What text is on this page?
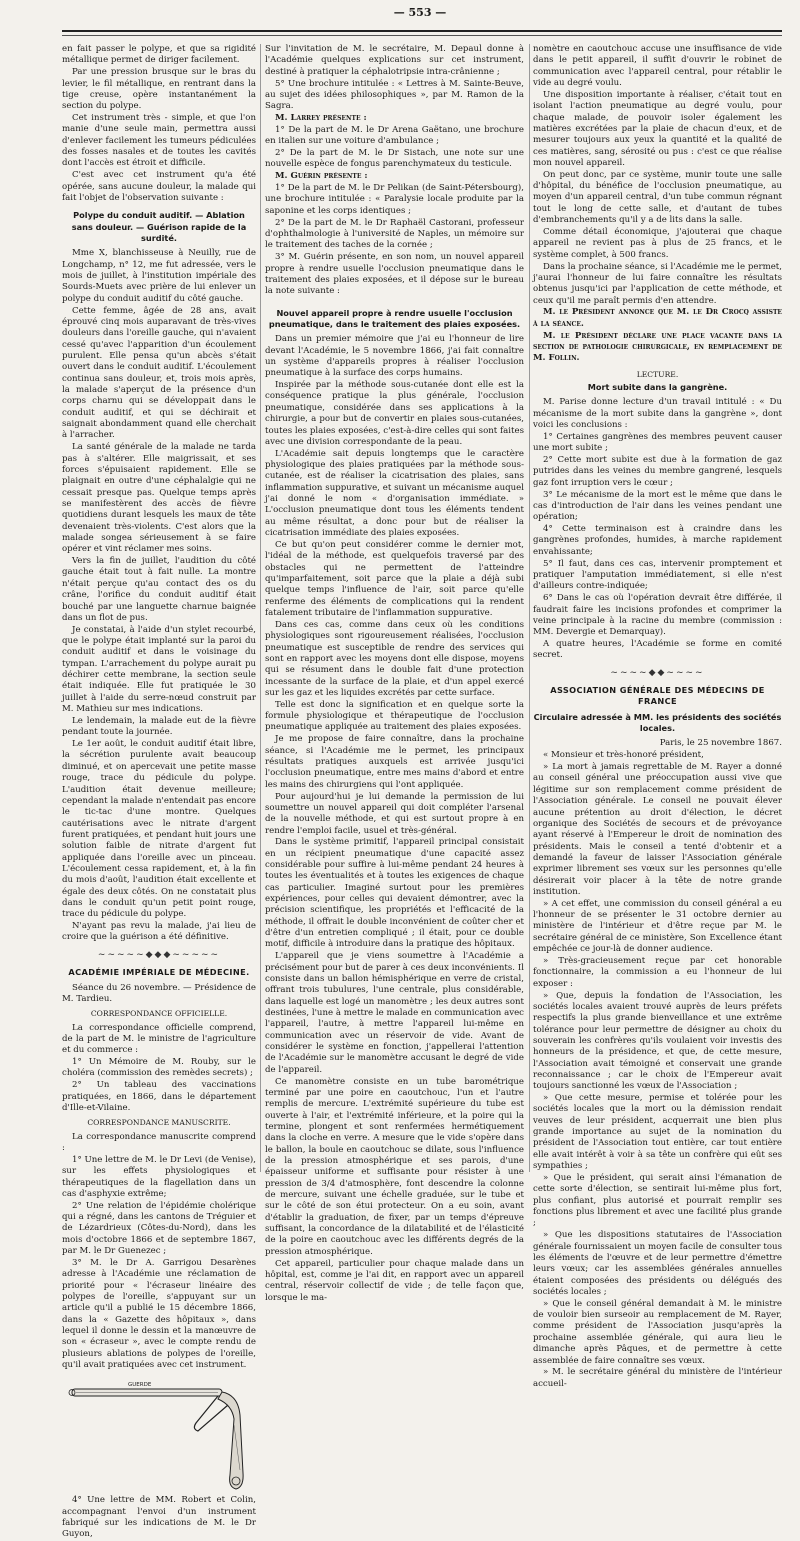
— 553 —

en fait passer le polype, et que sa rigidité métallique permet de diriger facilement.

Par une pression brusque sur le bras du levier, le fil métallique, en rentrant dans la tige creuse, opère instantanément la section du polype.

Cet instrument très - simple, et que l'on manie d'une seule main, permettra aussi d'enlever facilement les tumeurs pédiculées des fosses nasales et de toutes les cavités dont l'accès est étroit et difficile.

C'est avec cet instrument qu'a été opérée, sans aucune douleur, la malade qui fait l'objet de l'observation suivante :

Polype du conduit auditif. — Ablation sans douleur. — Guérison rapide de la surdité.

Mme X, blanchisseuse à Neuilly, rue de Longchamp, n° 12, me fut adressée, vers le mois de juillet, à l'institution impériale des Sourds-Muets avec prière de lui enlever un polype du conduit auditif du côté gauche.

Cette femme, âgée de 28 ans, avait éprouvé cinq mois auparavant de très-vives douleurs dans l'oreille gauche, qui n'avaient cessé qu'avec l'apparition d'un écoulement purulent. Elle pensa qu'un abcès s'était ouvert dans le conduit auditif. L'écoulement continua sans douleur, et, trois mois après, la malade s'aperçut de la présence d'un corps charnu qui se développait dans le conduit auditif, et qui se déchirait et saignait abondamment quand elle cherchait à l'arracher.

La santé générale de la malade ne tarda pas à s'altérer. Elle maigrissait, et ses forces s'épuisaient rapidement. Elle se plaignait en outre d'une céphalalgie qui ne cessait presque pas. Quelque temps après se manifestèrent des accès de fièvre quotidiens durant lesquels les maux de tête devenaient très-violents. C'est alors que la malade songea sérieusement à se faire opérer et vint réclamer mes soins.

Vers la fin de juillet, l'audition du côté gauche était tout à fait nulle. La montre n'était perçue qu'au contact des os du crâne, l'orifice du conduit auditif était bouché par une languette charnue baignée dans un flot de pus.

Je constatai, à l'aide d'un stylet recourbé, que le polype était implanté sur la paroi du conduit auditif et dans le voisinage du tympan. L'arrachement du polype aurait pu déchirer cette membrane, la section seule était indiquée. Elle fut pratiquée le 30 juillet à l'aide du serre-nœud construit par M. Mathieu sur mes indications.

Le lendemain, la malade eut de la fièvre pendant toute la journée.

Le 1er août, le conduit auditif était libre, la sécrétion purulente avait beaucoup diminué, et on apercevait une petite masse rouge, trace du pédicule du polype. L'audition était devenue meilleure; cependant la malade n'entendait pas encore le tic-tac d'une montre. Quelques cautérisations avec le nitrate d'argent furent pratiquées, et pendant huit jours une solution faible de nitrate d'argent fut appliquée dans l'oreille avec un pinceau. L'écoulement cessa rapidement, et, à la fin du mois d'août, l'audition était excellente et égale des deux côtés. On ne constatait plus dans le conduit qu'un petit point rouge, trace du pédicule du polype.

N'ayant pas revu la malade, j'ai lieu de croire que la guérison a été définitive.

~~~~~◆◆◆~~~~~
ACADÉMIE IMPÉRIALE DE MÉDECINE.

Séance du 26 novembre. — Présidence de M. Tardieu.

CORRESPONDANCE OFFICIELLE.

La correspondance officielle comprend, de la part de M. le ministre de l'agriculture et du commerce :

1° Un Mémoire de M. Rouby, sur le choléra (commission des remèdes secrets) ;

2° Un tableau des vaccinations pratiquées, en 1866, dans le département d'Ille-et-Vilaine.

CORRESPONDANCE MANUSCRITE.

La correspondance manuscrite comprend :

1° Une lettre de M. le Dr Levi (de Venise), sur les effets physiologiques et thérapeutiques de la flagellation dans un cas d'asphyxie extrême;

2° Une relation de l'épidémie cholérique qui a régné, dans les cantons de Tréguier et de Lézardrieux (Côtes-du-Nord), dans les mois d'octobre 1866 et de septembre 1867, par M. le Dr Guenezec ;

3° M. le Dr A. Garrigou Desarènes adresse à l'Académie une réclamation de priorité pour « l'écraseur linéaire des polypes de l'oreille, s'appuyant sur un article qu'il a publié le 15 décembre 1866, dans la « Gazette des hôpitaux », dans lequel il donne le dessin et la manœuvre de son « écraseur », avec le compte rendu de plusieurs ablations de polypes de l'oreille, qu'il avait pratiquées avec cet instrument.

GUERDE

4° Une lettre de MM. Robert et Colin, accompagnant l'envoi d'un instrument fabriqué sur les indications de M. le Dr Guyon,

Sur l'invitation de M. le secrétaire, M. Depaul donne à l'Académie quelques explications sur cet instrument, destiné à pratiquer la céphalotripsie intra-crânienne ;

5° Une brochure intitulée : « Lettres à M. Sainte-Beuve, au sujet des idées philosophiques », par M. Ramon de la Sagra.

M. Larrey présente :

1° De la part de M. le Dr Arena Gaëtano, une brochure en italien sur une voiture d'ambulance ;

2° De la part de M. le Dr Sistach, une note sur une nouvelle espèce de fongus parenchymateux du testicule.

M. Guérin présente :

1° De la part de M. le Dr Pelikan (de Saint-Pétersbourg), une brochure intitulée : « Paralysie locale produite par la saponine et les corps identiques ;

2° De la part de M. le Dr Raphaël Castorani, professeur d'ophthalmologie à l'université de Naples, un mémoire sur le traitement des taches de la cornée ;

3° M. Guérin présente, en son nom, un nouvel appareil propre à rendre usuelle l'occlusion pneumatique dans le traitement des plaies exposées, et il dépose sur le bureau la note suivante :

Nouvel appareil propre à rendre usuelle l'occlusion pneumatique, dans le traitement des plaies exposées.

Dans un premier mémoire que j'ai eu l'honneur de lire devant l'Académie, le 5 novembre 1866, j'ai fait connaître un système d'appareils propres à réaliser l'occlusion pneumatique à la surface des corps humains.

Inspirée par la méthode sous-cutanée dont elle est la conséquence pratique la plus générale, l'occlusion pneumatique, considérée dans ses applications à la chirurgie, a pour but de convertir en plaies sous-cutanées, toutes les plaies exposées, c'est-à-dire celles qui sont faites avec une division correspondante de la peau.

L'Académie sait depuis longtemps que le caractère physiologique des plaies pratiquées par la méthode sous-cutanée, est de réaliser la cicatrisation des plaies, sans inflammation suppurative, et suivant un mécanisme auquel j'ai donné le nom « d'organisation immédiate. » L'occlusion pneumatique dont tous les éléments tendent au même résultat, a donc pour but de réaliser la cicatrisation immédiate des plaies exposées.

Ce but qu'on peut considérer comme le dernier mot, l'idéal de la méthode, est quelquefois traversé par des obstacles qui ne permettent de l'atteindre qu'imparfaitement, soit parce que la plaie a déjà subi quelque temps l'influence de l'air, soit parce qu'elle renferme des éléments de complications qui la rendent fatalement tributaire de l'inflammation suppurative.

Dans ces cas, comme dans ceux où les conditions physiologiques sont rigoureusement réalisées, l'occlusion pneumatique est susceptible de rendre des services qui sont en rapport avec les moyens dont elle dispose, moyens qui se résument dans le double fait d'une protection incessante de la surface de la plaie, et d'un appel exercé sur les gaz et les liquides excrétés par cette surface.

Telle est donc la signification et en quelque sorte la formule physiologique et thérapeutique de l'occlusion pneumatique appliquée au traitement des plaies exposées.

Je me propose de faire connaître, dans la prochaine séance, si l'Académie me le permet, les principaux résultats pratiques auxquels est arrivée jusqu'ici l'occlusion pneumatique, entre mes mains d'abord et entre les mains des chirurgiens qui l'ont appliquée.

Pour aujourd'hui je lui demande la permission de lui soumettre un nouvel appareil qui doit compléter l'arsenal de la nouvelle méthode, et qui est surtout propre à en rendre l'emploi facile, usuel et très-général.

Dans le système primitif, l'appareil principal consistait en un récipient pneumatique d'une capacité assez considérable pour suffire à lui-même pendant 24 heures à toutes les éventualités et à toutes les exigences de chaque cas particulier. Imaginé surtout pour les premières expériences, pour celles qui devaient démontrer, avec la précision scientifique, les propriétés et l'efficacité de la méthode, il offrait le double inconvénient de coûter cher et d'être d'un entretien compliqué ; il était, pour ce double motif, difficile à introduire dans la pratique des hôpitaux.

L'appareil que je viens soumettre à l'Académie a précisément pour but de parer à ces deux inconvénients. Il consiste dans un ballon hémisphérique en verre de cristal, offrant trois tubulures, l'une centrale, plus considérable, dans laquelle est logé un manomètre ; les deux autres sont destinées, l'une à mettre le malade en communication avec l'appareil, l'autre, à mettre l'appareil lui-même en communication avec un réservoir de vide. Avant de considérer le système en fonction, j'appellerai l'attention de l'Académie sur le manomètre accusant le degré de vide de l'appareil.

Ce manomètre consiste en un tube barométrique terminé par une poire en caoutchouc, l'un et l'autre remplis de mercure. L'extrémité supérieure du tube est ouverte à l'air, et l'extrémité inférieure, et la poire qui la termine, plongent et sont renfermées hermétiquement dans la cloche en verre. A mesure que le vide s'opère dans le ballon, la boule en caoutchouc se dilate, sous l'influence de la pression atmosphérique et ses parois, d'une épaisseur uniforme et suffisante pour résister à une pression de 3/4 d'atmosphère, font descendre la colonne de mercure, suivant une échelle graduée, sur le tube et sur le côté de son étui protecteur. On a eu soin, avant d'établir la graduation, de fixer, par un temps d'épreuve suffisant, la concordance de la dilatabilité et de l'élasticité de la poire en caoutchouc avec les différents degrés de la pression atmosphérique.

Cet appareil, particulier pour chaque malade dans un hôpital, est, comme je l'ai dit, en rapport avec un appareil central, réservoir collectif de vide ; de telle façon que, lorsque le ma-

nomètre en caoutchouc accuse une insuffisance de vide dans le petit appareil, il suffit d'ouvrir le robinet de communication avec l'appareil central, pour rétablir le vide au degré voulu.

Une disposition importante à réaliser, c'était tout en isolant l'action pneumatique au degré voulu, pour chaque malade, de pouvoir isoler également les matières excrétées par la plaie de chacun d'eux, et de mesurer toujours aux yeux la quantité et la qualité de ces matières, sang, sérosité ou pus : c'est ce que réalise mon nouvel appareil.

On peut donc, par ce système, munir toute une salle d'hôpital, du bénéfice de l'occlusion pneumatique, au moyen d'un appareil central, d'un tube commun régnant tout le long de cette salle, et d'autant de tubes d'embranchements qu'il y a de lits dans la salle.

Comme détail économique, j'ajouterai que chaque appareil ne revient pas à plus de 25 francs, et le système complet, à 500 francs.

Dans la prochaine séance, si l'Académie me le permet, j'aurai l'honneur de lui faire connaître les résultats obtenus jusqu'ici par l'application de cette méthode, et ceux qu'il me paraît permis d'en attendre.

M. le Président annonce que M. le Dr Crocq assiste à la séance.

M. le Président déclare une place vacante dans la section de pathologie chirurgicale, en remplacement de M. Follin.

LECTURE.
Mort subite dans la gangrène.

M. Parise donne lecture d'un travail intitulé : « Du mécanisme de la mort subite dans la gangrène », dont voici les conclusions :

1° Certaines gangrènes des membres peuvent causer une mort subite ;

2° Cette mort subite est due à la formation de gaz putrides dans les veines du membre gangrené, lesquels gaz font irruption vers le cœur ;

3° Le mécanisme de la mort est le même que dans le cas d'introduction de l'air dans les veines pendant une opération;

4° Cette terminaison est à craindre dans les gangrènes profondes, humides, à marche rapidement envahissante;

5° Il faut, dans ces cas, intervenir promptement et pratiquer l'amputation immédiatement, si elle n'est d'ailleurs contre-indiquée;

6° Dans le cas où l'opération devrait être différée, il faudrait faire les incisions profondes et comprimer la veine principale à la racine du membre (commission : MM. Devergie et Demarquay).

A quatre heures, l'Académie se forme en comité secret.

~~~~◆◆~~~~
ASSOCIATION GÉNÉRALE DES MÉDECINS DE FRANCE
Circulaire adressée à MM. les présidents des sociétés locales.

Paris, le 25 novembre 1867.

« Monsieur et très-honoré président,

» La mort à jamais regrettable de M. Rayer a donné au conseil général une préoccupation aussi vive que légitime sur son remplacement comme président de l'Association générale. Le conseil ne pouvait élever aucune prétention au droit d'élection, le décret organique des Sociétés de secours et de prévoyance ayant réservé à l'Empereur le droit de nomination des présidents. Mais le conseil a tenté d'obtenir et a demandé la faveur de laisser l'Association générale exprimer librement ses vœux sur les personnes qu'elle désirerait voir placer à la tête de notre grande institution.

» A cet effet, une commission du conseil général a eu l'honneur de se présenter le 31 octobre dernier au ministère de l'intérieur et d'être reçue par M. le secrétaire général de ce ministère, Son Excellence étant empêchée ce jour-là de donner audience.

» Très-gracieusement reçue par cet honorable fonctionnaire, la commission a eu l'honneur de lui exposer :

» Que, depuis la fondation de l'Association, les sociétés locales avaient trouvé auprès de leurs préfets respectifs la plus grande bienveillance et une extrême tolérance pour leur permettre de désigner au choix du souverain les confrères qu'ils voulaient voir investis des honneurs de la présidence, et que, de cette mesure, l'Association avait témoigné et conservait une grande reconnaissance ; car le choix de l'Empereur avait toujours sanctionné les vœux de l'Association ;

» Que cette mesure, permise et tolérée pour les sociétés locales que la mort ou la démission rendait veuves de leur président, acquerrait une bien plus grande importance au sujet de la nomination du président de l'Association tout entière, car tout entière elle avait intérêt à voir à sa tête un confrère qui eût ses sympathies ;

» Que le président, qui serait ainsi l'émanation de cette sorte d'élection, se sentirait lui-même plus fort, plus confiant, plus autorisé et pourrait remplir ses fonctions plus librement et avec une facilité plus grande ;

» Que les dispositions statutaires de l'Association générale fournissaient un moyen facile de consulter tous les éléments de l'œuvre et de leur permettre d'émettre leurs vœux; car les assemblées générales annuelles étaient composées des présidents ou délégués des sociétés locales ;

» Que le conseil général demandait à M. le ministre de vouloir bien surseoir au remplacement de M. Rayer, comme président de l'Association jusqu'après la prochaine assemblée générale, qui aura lieu le dimanche après Pâques, et de permettre à cette assemblée de faire connaître ses vœux.

» M. le secrétaire général du ministère de l'intérieur accueil-
